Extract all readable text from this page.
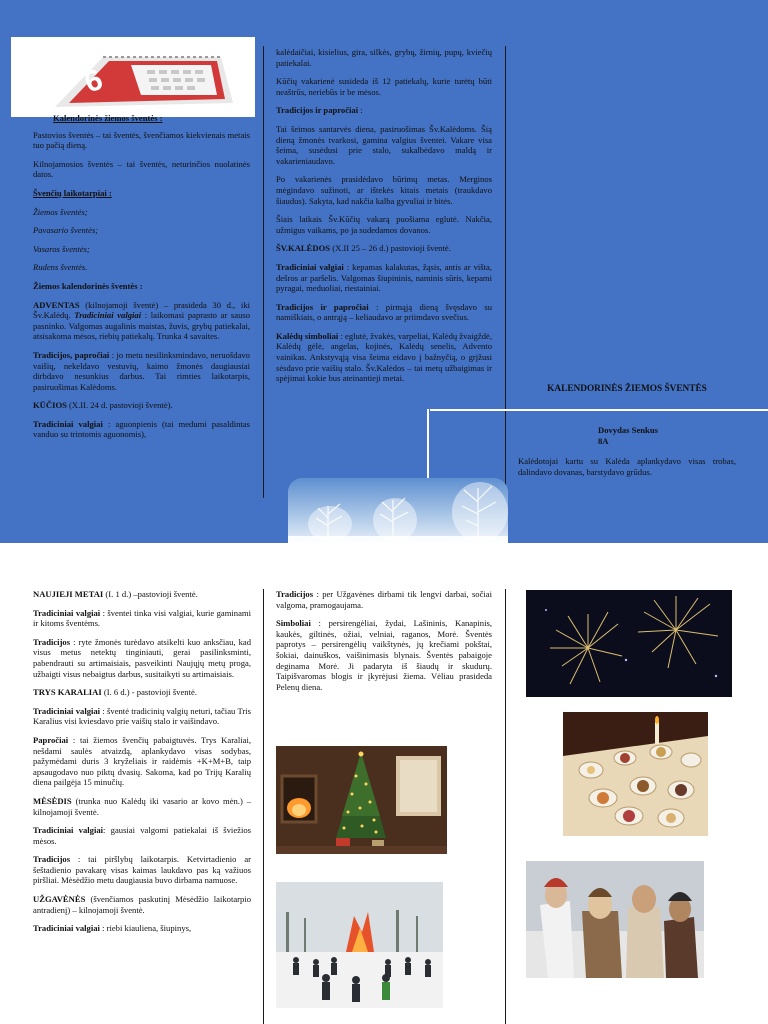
6

Kalendorinės žiemos šventės :

Pastovios šventės – tai šventės, švenčiamos kiekvienais metais tuo pačią dieną.

Kilnojamosios šventės – tai šventės, neturinčios nuolatinės datos.

Švenčių laikotarpiai :

Žiemos šventės;

Pavasario šventės;

Vasaros šventės;

Rudens šventės.

Žiemos kalendorinės šventės :

ADVENTAS (kilnojamoji šventė) – prasideda 30 d., iki Šv.Kalėdų. Tradiciniai valgiai : laikomasi paprasto ar sauso pasninko. Valgomas augalinis maistas, žuvis, grybų patiekalai, atsisakoma mėsos, riebių patiekalų. Trunka 4 savaites.

Tradicijos, papročiai : jo metu nesilinksmindavo, neruošdavo vaišių, nekeldavo vestuvių, kaimo žmonės daugiausiai dirbdavo nesunkius darbus. Tai rimties laikotarpis, pasiruošimas Kalėdoms.

KŪČIOS (X.II. 24 d. pastovioji šventė).

Tradiciniai valgiai : aguonpienis (tai medumi pasaldintas vanduo su trintomis aguonomis),

kalėdaičiai, kisielius, gira, silkės, grybų, žirnių, pupų, kviečių patiekalai.

Kūčių vakarienė susideda iš 12 patiekalų, kurie turėtų būti neaštrūs, neriebūs ir be mėsos.

Tradicijos ir papročiai :

Tai šeimos santarvės diena, pasiruošimas Šv.Kalėdoms. Šią dieną žmonės tvarkosi, gamina valgius šventei. Vakare visa šeima, susėdusi prie stalo, sukalbėdavo maldą ir vakarieniaudavo.

Po vakarienės prasidėdavo būrimų metas. Merginos mėgindavo sužinoti, ar ištekės kitais metais (traukdavo šiaudus). Sakyta, kad nakčia kalba gyvuliai ir bitės.

Šiais laikais Šv.Kūčių vakarą puošiama eglutė. Nakčia, užmigus vaikams, po ja sudedamos dovanos.

ŠV.KALĖDOS (X.II 25 – 26 d.) pastovioji šventė.

Tradiciniai valgiai : kepamas kalakutas, žąsis, antis ar višta, dešros ar paršelis. Valgomas šiupininis, naminis sūris, kepami pyragai, meduoliai, riestainiai.

Tradicijos ir papročiai : pirmąją dieną švęsdavo su namiškiais, o antrąją – keliaudavo ar priimdavo svečius.

Kalėdų simboliai : eglutė, žvakės, varpeliai, Kalėdų žvaigždė, Kalėdų gėlė, angelas, kojinės, Kalėdų senelis, Advento vainikas. Ankstyvąją visa šeima eidavo į bažnyčią, o grįžusi sėsdavo prie vaišių stalo. Šv.Kalėdos – tai metų užbaigimas ir spėjimai kokie bus ateinantieji metai.

KALENDORINĖS ŽIEMOS ŠVENTĖS
Dovydas Senkus
8A

Kalėdotojai kartu su Kalėda aplankydavo visas trobas, dalindavo dovanas, barstydavo grūdus.

NAUJIEJI METAI (I. 1 d.) –pastovioji šventė.

Tradiciniai valgiai : šventei tinka visi valgiai, kurie gaminami ir kitoms šventėms.

Tradicijos : ryte žmonės turėdavo atsikelti kuo anksčiau, kad visus metus netektų tinginiauti, gerai pasilinksminti, pabendrauti su artimaisiais, pasveikinti Naujųjų metų proga, užbaigti visus nebaigtus darbus, susitaikyti su artimaisiais.

TRYS KARALIAI (I. 6 d.) - pastovioji šventė.

Tradiciniai valgiai : šventė tradicinių valgių neturi, tačiau Tris Karalius visi kviesdavo prie vaišių stalo ir vaišindavo.

Papročiai : tai žiemos švenčių pabaigtuvės. Trys Karaliai, nešdami saulės atvaizdą, aplankydavo visas sodybas, pažymėdami duris 3 kryželiais ir raidėmis +K+M+B, taip apsaugodavo nuo piktų dvasių. Sakoma, kad po Trijų Karalių diena pailgėja 15 minučių.

MĖSĖDIS (trunka nuo Kalėdų iki vasario ar kovo mėn.) – kilnojamoji šventė.

Tradiciniai valgiai: gausiai valgomi patiekalai iš šviežios mėsos.

Tradicijos : tai piršlybų laikotarpis. Ketvirtadienio ar šeštadienio pavakarę visas kaimas laukdavo pas ką važiuos piršliai. Mėsėdžio metu daugiausia buvo dirbama namuose.

UŽGAVĖNĖS (švenčiamos paskutinį Mėsėdžio laikotarpio antradienį) – kilnojamoji šventė.

Tradiciniai valgiai : riebi kiauliena, šiupinys,

Tradicijos : per Užgavėnes dirbami tik lengvi darbai, sočiai valgoma, pramogaujama.

Simboliai : persirengėliai, žydai, Lašininis, Kanapinis, kaukės, giltinės, ožiai, velniai, raganos, Morė. Šventės paprotys – persirengėlių vaikštynės, jų krečiami pokštai, šokiai, dainuškos, vaišinimasis blynais. Šventės pabaigoje deginama Morė. Ji padaryta iš šiaudų ir skudurų. Taipišvaromas blogis ir įkyrėjusi žiema. Vėliau prasideda Pelenų diena.
